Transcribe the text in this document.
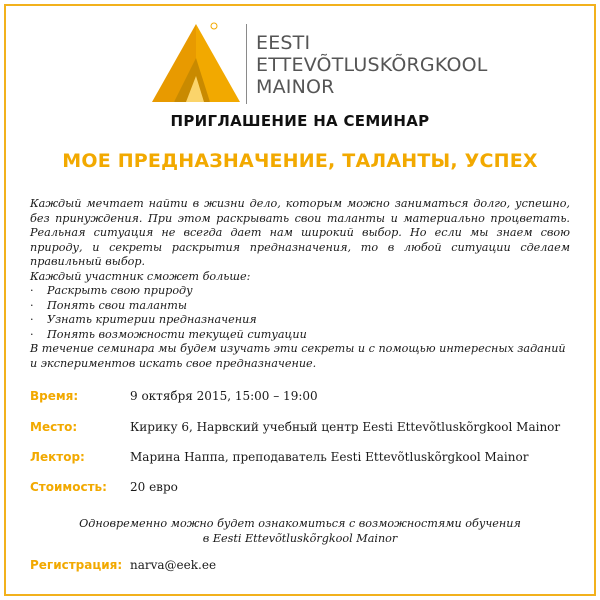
EESTI
ETTEVÕTLUSKÕRGKOOL
MAINOR
ПРИГЛАШЕНИЕ НА СЕМИНАР
МОЕ ПРЕДНАЗНАЧЕНИЕ, ТАЛАНТЫ, УСПЕХ

Каждый мечтает найти в жизни дело, которым можно заниматься долго, успешно, без принуждения. При этом раскрывать свои таланты и материально процветать. Реальная ситуация не всегда дает нам широкий выбор. Но если мы знаем свою природу, и секреты раскрытия предназначения, то в любой ситуации сделаем правильный выбор.

Каждый участник сможет больше:

· Раскрыть свою природу
· Понять свои таланты
· Узнать критерии предназначения
· Понять возможности текущей ситуации

В течение семинара мы будем изучать эти секреты и с помощью интересных заданий и экспериментов искать свое предназначение.

Время:	9 октября 2015, 15:00 – 19:00
Место:	Кирику 6, Нарвский учебный центр Eesti Ettevõtluskõrgkool Mainor
Лектор:	Марина Наппа, преподаватель Eesti Ettevõtluskõrgkool Mainor
Стоимость: 20 евро
Одновременно можно будет ознакомиться с возможностями обучения
в Eesti Ettevõtluskõrgkool Mainor
Регистрация: narva@eek.ee
